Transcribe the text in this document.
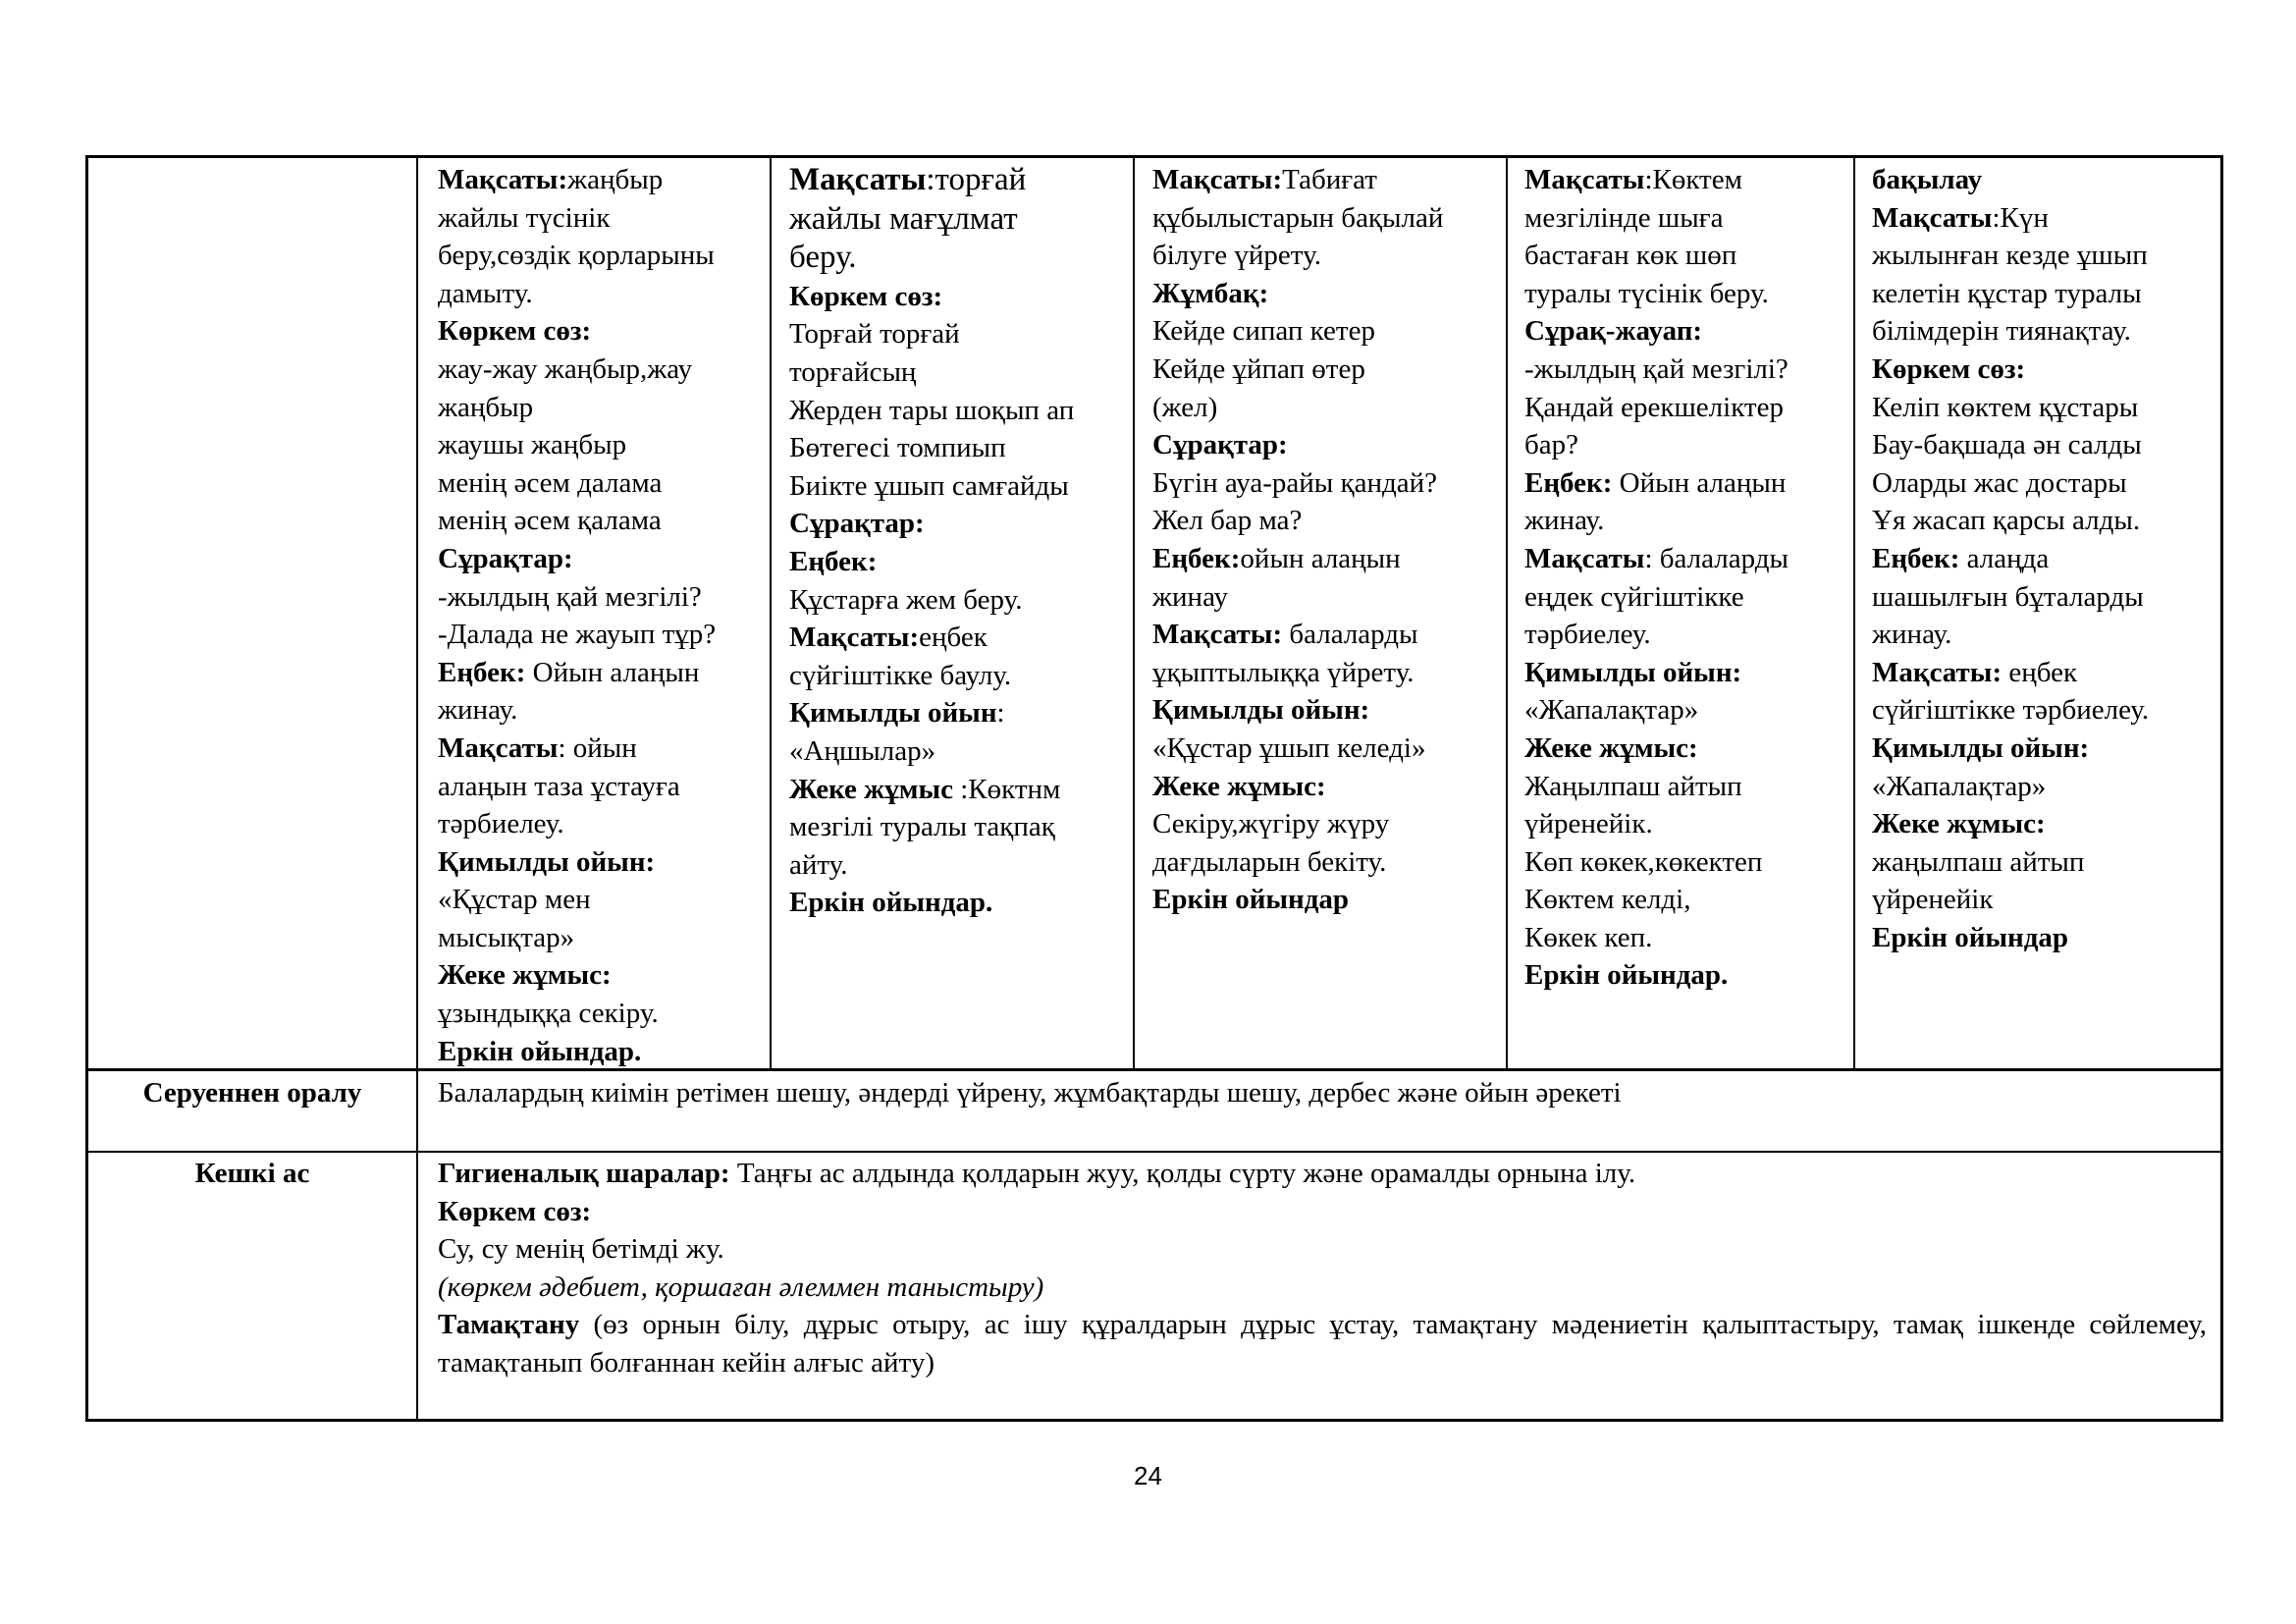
Мақсаты:жаңбыр
жайлы түсінік
беру,сөздік қорларыны
дамыту.
Көркем сөз:
жау-жау жаңбыр,жау
жаңбыр
жаушы жаңбыр
менің әсем далама
менің әсем қалама
Сұрақтар:
-жылдың қай мезгілі?
-Далада не жауып тұр?
Еңбек: Ойын алаңын
жинау.
Мақсаты: ойын
алаңын таза ұстауға
тәрбиелеу.
Қимылды ойын:
«Құстар мен
мысықтар»
Жеке жұмыс:
ұзындыққа секіру.
Еркін ойындар.
Мақсаты:торғай
жайлы мағұлмат
беру.
Көркем сөз:
Торғай торғай
торғайсың
Жерден тары шоқып ап
Бөтегесі томпиып
Биікте ұшып самғайды
Сұрақтар:
Еңбек:
Құстарға жем беру.
Мақсаты:еңбек
сүйгіштікке баулу.
Қимылды ойын:
«Аңшылар»
Жеке жұмыс :Көктнм
мезгілі туралы тақпақ
айту.
Еркін ойындар.
Мақсаты:Табиғат
құбылыстарын бақылай
білуге үйрету.
Жұмбақ:
Кейде сипап кетер
Кейде ұйпап өтер
(жел)
Сұрақтар:
Бүгін ауа-райы қандай?
Жел бар ма?
Еңбек:ойын алаңын
жинау
Мақсаты: балаларды
ұқыптылыққа үйрету.
Қимылды ойын:
«Құстар ұшып келеді»
Жеке жұмыс:
Секіру,жүгіру жүру
дағдыларын бекіту.
Еркін ойындар
Мақсаты:Көктем
мезгілінде шыға
бастаған көк шөп
туралы түсінік беру.
Сұрақ-жауап:
-жылдың қай мезгілі?
Қандай ерекшеліктер
бар?
Еңбек: Ойын алаңын
жинау.
Мақсаты: балаларды
еңдек сүйгіштікке
тәрбиелеу.
Қимылды ойын:
«Жапалақтар»
Жеке жұмыс:
Жаңылпаш айтып
үйренейік.
Көп көкек,көкектеп
Көктем келді,
Көкек кеп.
Еркін ойындар.
бақылау
Мақсаты:Күн
жылынған кезде ұшып
келетін құстар туралы
білімдерін тиянақтау.
Көркем сөз:
Келіп көктем құстары
Бау-бақшада ән салды
Оларды жас достары
Ұя жасап қарсы алды.
Еңбек: алаңда
шашылғын бұталарды
жинау.
Мақсаты: еңбек
сүйгіштікке тәрбиелеу.
Қимылды ойын:
«Жапалақтар»
Жеке жұмыс:
жаңылпаш айтып
үйренейік
Еркін ойындар
Серуеннен оралу	Балалардың киімін ретімен шешу, әндерді үйрену, жұмбақтарды шешу, дербес және ойын әрекеті
Кешкі ас	Гигиеналық шаралар: Таңғы ас алдында қолдарын жуу, қолды сүрту және орамалды орнына ілу.
Көркем сөз:
Су, су менің бетімді жу.
(көркем әдебиет, қоршаған әлеммен таныстыру)
Тамақтану (өз орнын білу, дұрыс отыру, ас ішу құралдарын дұрыс ұстау, тамақтану мәдениетін қалыптастыру, тамақ ішкенде сөйлемеу, тамақтанып болғаннан кейін алғыс айту)
24
